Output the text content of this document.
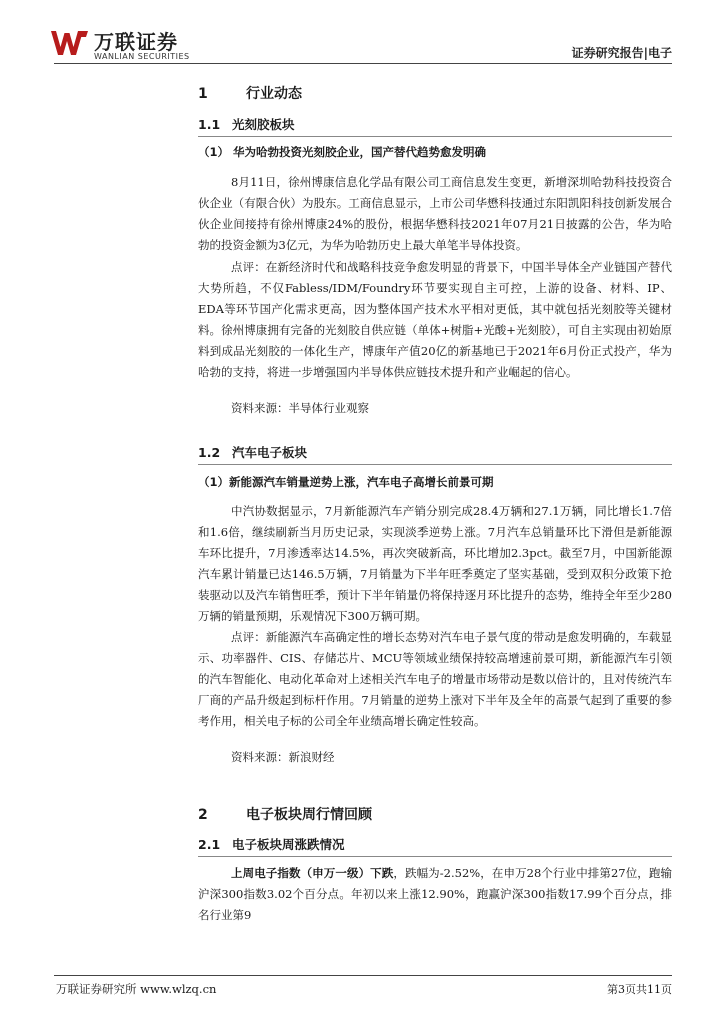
万联证券
WANLIAN SECURITIES	证券研究报告|电子
1	行业动态
1.1 光刻胶板块
（1） 华为哈勃投资光刻胶企业，国产替代趋势愈发明确
8月11日，徐州博康信息化学品有限公司工商信息发生变更，新增深圳哈勃科技投资合伙企业（有限合伙）为股东。工商信息显示，上市公司华懋科技通过东阳凯阳科技创新发展合伙企业间接持有徐州博康24%的股份，根据华懋科技2021年07月21日披露的公告，华为哈勃的投资金额为3亿元，为华为哈勃历史上最大单笔半导体投资。
点评：在新经济时代和战略科技竞争愈发明显的背景下，中国半导体全产业链国产替代大势所趋，不仅Fabless/IDM/Foundry环节要实现自主可控，上游的设备、材料、IP、EDA等环节国产化需求更高，因为整体国产技术水平相对更低，其中就包括光刻胶等关键材料。徐州博康拥有完备的光刻胶自供应链（单体+树脂+光酸+光刻胶），可自主实现由初始原料到成品光刻胶的一体化生产，博康年产值20亿的新基地已于2021年6月份正式投产，华为哈勃的支持，将进一步增强国内半导体供应链技术提升和产业崛起的信心。
资料来源：半导体行业观察
1.2 汽车电子板块
（1）新能源汽车销量逆势上涨，汽车电子高增长前景可期
中汽协数据显示，7月新能源汽车产销分别完成28.4万辆和27.1万辆，同比增长1.7倍和1.6倍，继续刷新当月历史记录，实现淡季逆势上涨。7月汽车总销量环比下滑但是新能源车环比提升，7月渗透率达14.5%，再次突破新高，环比增加2.3pct。截至7月，中国新能源汽车累计销量已达146.5万辆，7月销量为下半年旺季奠定了坚实基础，受到双积分政策下抢装驱动以及汽车销售旺季，预计下半年销量仍将保持逐月环比提升的态势，维持全年至少280万辆的销量预期，乐观情况下300万辆可期。
点评：新能源汽车高确定性的增长态势对汽车电子景气度的带动是愈发明确的，车载显示、功率器件、CIS、存储芯片、MCU等领域业绩保持较高增速前景可期，新能源汽车引领的汽车智能化、电动化革命对上述相关汽车电子的增量市场带动是数以倍计的，且对传统汽车厂商的产品升级起到标杆作用。7月销量的逆势上涨对下半年及全年的高景气起到了重要的参考作用，相关电子标的公司全年业绩高增长确定性较高。
资料来源：新浪财经
2	电子板块周行情回顾
2.1 电子板块周涨跌情况
上周电子指数（申万一级）下跌，跌幅为-2.52%，在申万28个行业中排第27位，跑输沪深300指数3.02个百分点。年初以来上涨12.90%，跑赢沪深300指数17.99个百分点，排名行业第9
万联证券研究所 www.wlzq.cn	第3页共11页
